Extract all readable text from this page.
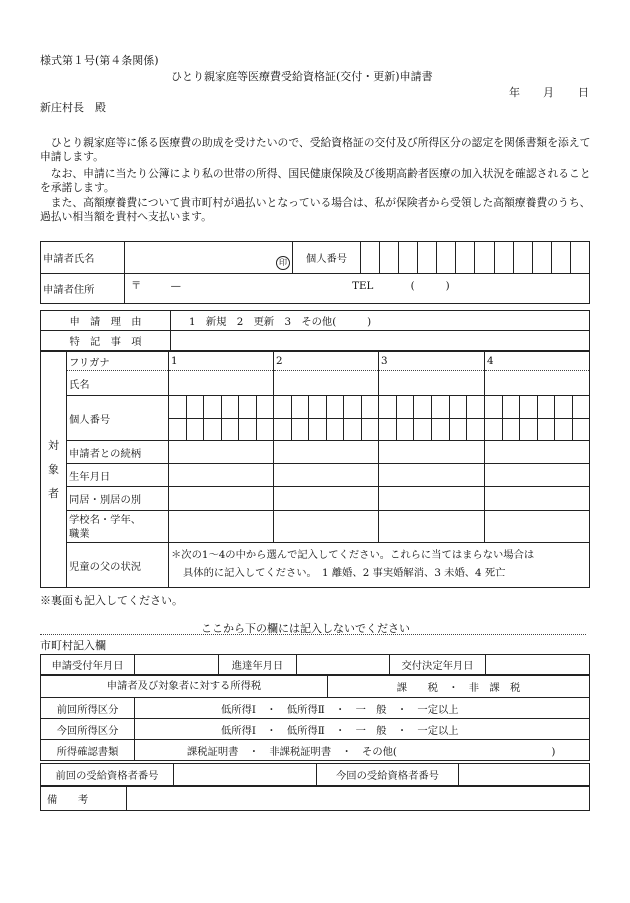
様式第１号(第４条関係)
ひとり親家庭等医療費受給資格証(交付・更新)申請書
年 月 日
新庄村長　殿
　ひとり親家庭等に係る医療費の助成を受けたいので、受給資格証の交付及び所得区分の認定を関係書類を添えて申請します。
　なお、申請に当たり公簿により私の世帯の所得、国民健康保険及び後期高齢者医療の加入状況を確認されることを承諾します。
　また、高額療養費について貴市町村が過払いとなっている場合は、私が保険者から受領した高額療養費のうち、過払い相当額を貴村へ支払います。
申請者氏名	印	個人番号	

申請者住所	〒 — TEL (　　　)		
申　請　理　由	1　新規　2　更新　3　その他(　　　)
特　記　事　項	
対
象
者	フリガナ	1	2	3	4
	氏名				
	個人番号	

	申請者との続柄				
	生年月日				
	同居・別居の別				
	学校名・学年、
職業				
	児童の父の状況	＊次の1〜4の中から選んで記入してください。これらに当てはまらない場合は			
		具体的に記入してください。　1 離婚、2 事実婚解消、3 未婚、4 死亡			
※裏面も記入してください。
ここから下の欄には記入しないでください
市町村記入欄
申請受付年月日		進達年月日		交付決定年月日	
申請者及び対象者に対する所得税 課　　税　・　非　課　税	

前回所得区分	低所得Ⅰ　・　低所得Ⅱ　・　一　般　・　一定以上
今回所得区分	低所得Ⅰ　・　低所得Ⅱ　・　一　般　・　一定以上
所得確認書類	課税証明書　・　非課税証明書　・　その他(　　　　　　　　　　　　　　　)
前回の受給資格者番号		今回の受給資格者番号	
備　　考	
